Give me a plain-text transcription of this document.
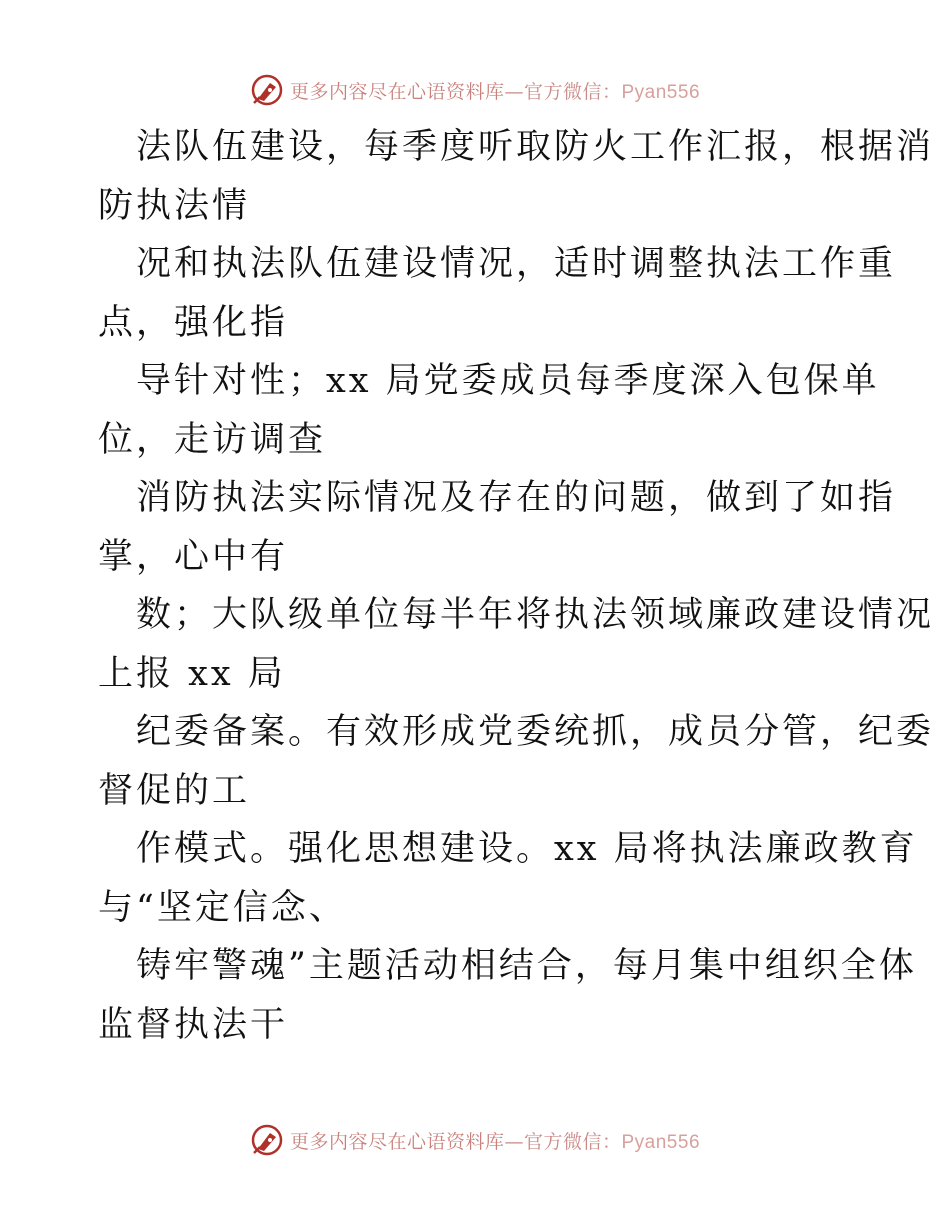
更多内容尽在心语资料库—官方微信：Pyan556

法队伍建设，每季度听取防火工作汇报，根据消

防执法情

况和执法队伍建设情况，适时调整执法工作重

点，强化指

导针对性；xx 局党委成员每季度深入包保单

位，走访调查

消防执法实际情况及存在的问题，做到了如指

掌，心中有

数；大队级单位每半年将执法领域廉政建设情况

上报 xx 局

纪委备案。有效形成党委统抓，成员分管，纪委

督促的工

作模式。强化思想建设。xx 局将执法廉政教育

与“坚定信念、

铸牢警魂”主题活动相结合，每月集中组织全体

监督执法干

更多内容尽在心语资料库—官方微信：Pyan556
